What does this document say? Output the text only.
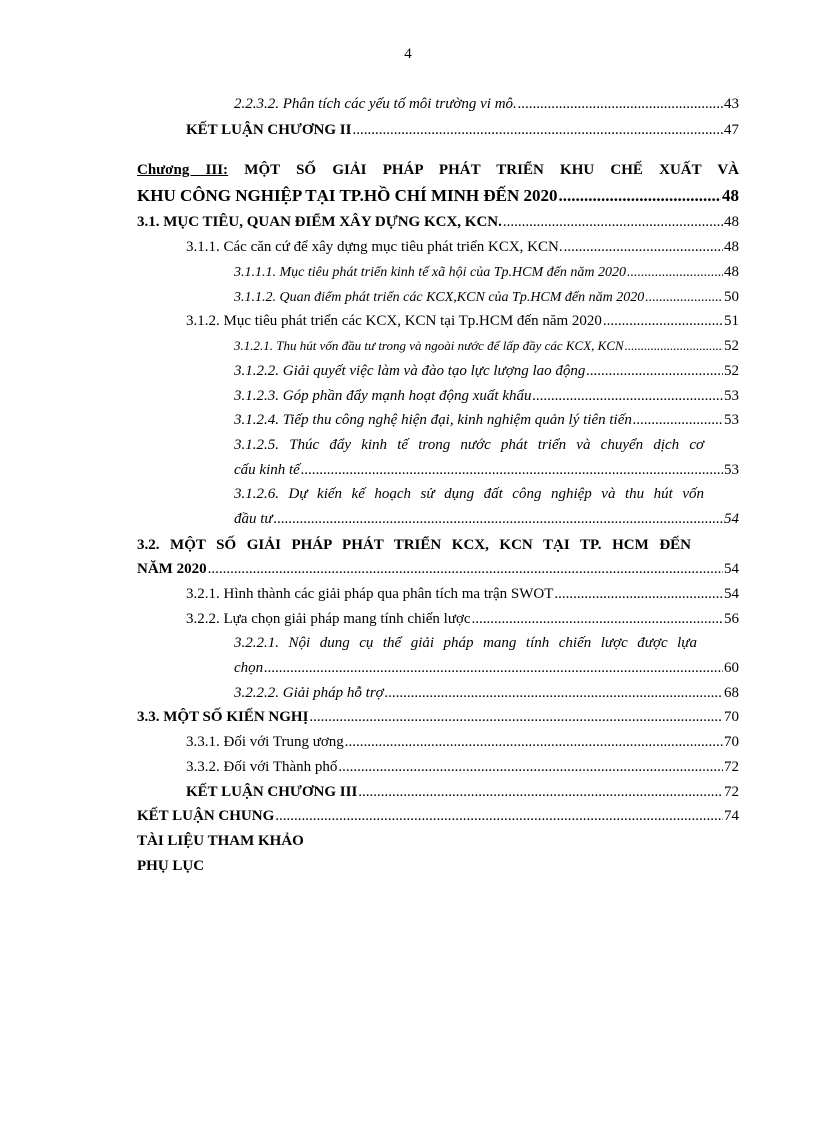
4
2.2.3.2. Phân tích các yếu tố môi trường vi mô. .....	43
KẾT LUẬN CHƯƠNG II .....	47
Chương III: MỘT SỐ GIẢI PHÁP PHÁT TRIỂN KHU CHẾ XUẤT VÀ
KHU CÔNG NGHIỆP TẠI TP.HỒ CHÍ MINH ĐẾN 2020 .....	48
3.1. MỤC TIÊU, QUAN ĐIỂM XÂY DỰNG KCX, KCN. .....	48
3.1.1. Các căn cứ để xây dựng mục tiêu phát triển KCX, KCN. .....	48
3.1.1.1. Mục tiêu phát triển kinh tế xã hội của Tp.HCM đến năm 2020 .....	48
3.1.1.2. Quan điểm phát triển các KCX,KCN của Tp.HCM đến năm 2020 .....	50
3.1.2. Mục tiêu phát triển các KCX, KCN tại Tp.HCM đến năm 2020 .....	51
3.1.2.1. Thu hút vốn đầu tư trong và ngoài nước để lấp đầy các KCX, KCN .....	52
3.1.2.2. Giải quyết việc làm và đào tạo lực lượng lao động .....	52
3.1.2.3. Góp phần đẩy mạnh hoạt động xuất khẩu .....	53
3.1.2.4. Tiếp thu công nghệ hiện đại, kinh nghiệm quản lý tiên tiến .....	53
3.1.2.5. Thúc đẩy kinh tế trong nước phát triển và chuyển dịch cơ
cấu kinh tế .....	53
3.1.2.6. Dự kiến kế hoạch sử dụng đất công nghiệp và thu hút vốn
đầu tư .....	54
3.2. MỘT SỐ GIẢI PHÁP PHÁT TRIỂN KCX, KCN TẠI TP. HCM ĐẾN
NĂM 2020 .....	54
3.2.1. Hình thành các giải pháp qua phân tích ma trận SWOT .....	54
3.2.2. Lựa chọn giải pháp mang tính chiến lược .....	56
3.2.2.1. Nội dung cụ thể giải pháp mang tính chiến lược được lựa
chọn .....	60
3.2.2.2. Giải pháp hỗ trợ .....	68
3.3. MỘT SỐ KIẾN NGHỊ .....	70
3.3.1. Đối với Trung ương .....	70
3.3.2. Đối với Thành phố .....	72
KẾT LUẬN CHƯƠNG III .....	72
KẾT LUẬN CHUNG .....	74
TÀI LIỆU THAM KHẢO
PHỤ LỤC
